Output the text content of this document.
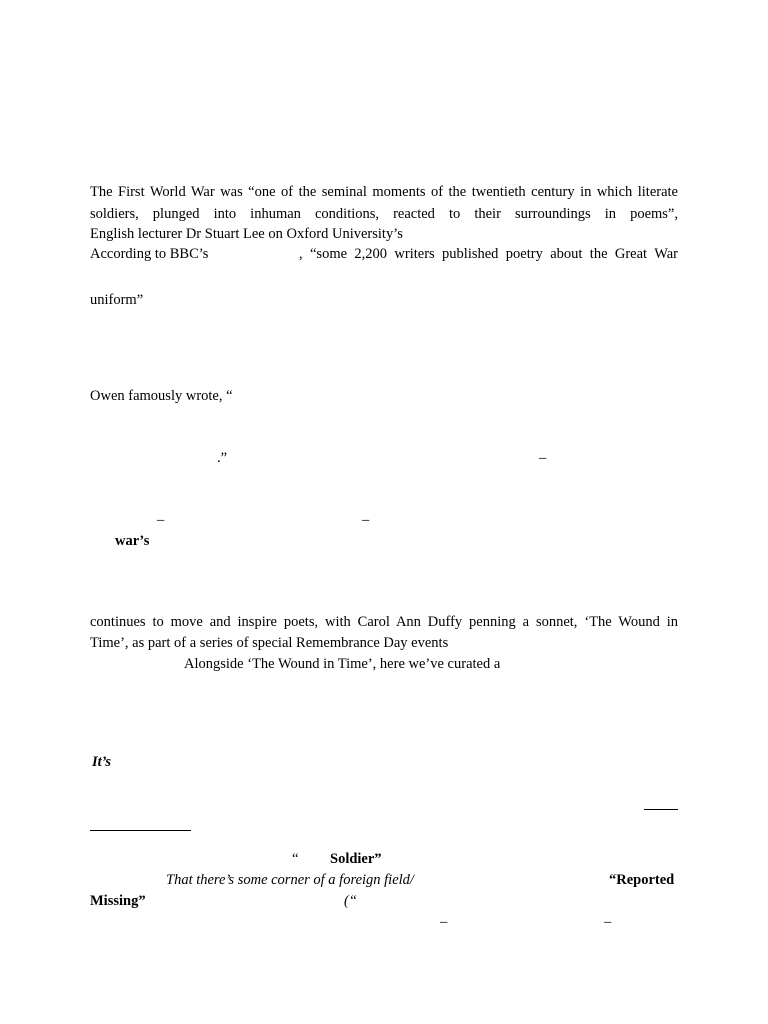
The First World War was “one of the seminal moments of the twentieth century in which literate
soldiers, plunged into inhuman conditions, reacted to their surroundings in poems”,
English lecturer Dr Stuart Lee on Oxford University’s
According to BBC’s	, “some 2,200 writers published poetry about the Great War
uniform”
Owen famously wrote, “
.”	–
–	–
war’s
continues to move and inspire poets, with Carol Ann Duffy penning a sonnet, ‘The Wound in
Time’, as part of a series of special Remembrance Day events
Alongside ‘The Wound in Time’, here we’ve curated a
It’s
“ Soldier”
That there’s some corner of a foreign field/	“Reported
Missing”	(“
–	–
